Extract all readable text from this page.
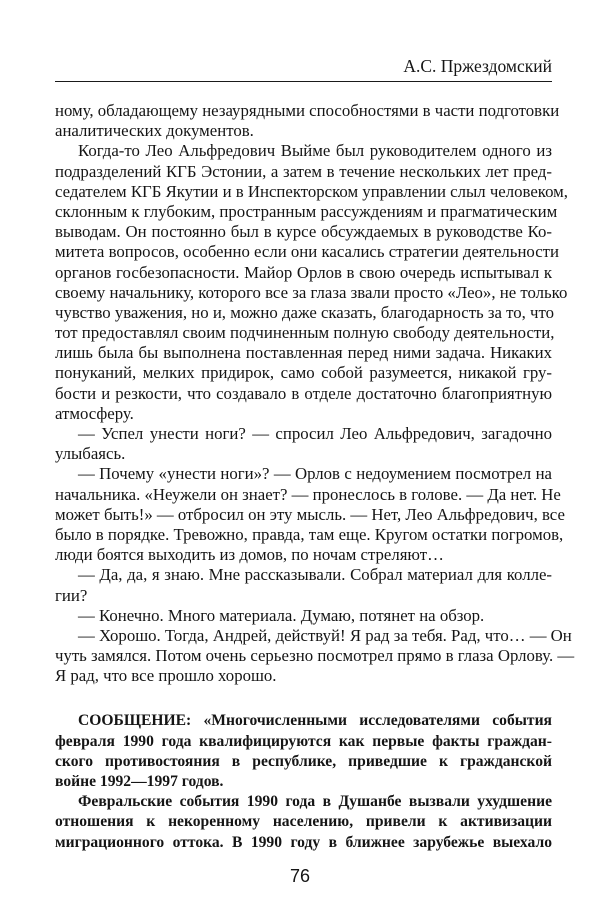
А.С. Пржездомский
ному, обладающему незаурядными способностями в части подготовки
аналитических документов.
Когда-то Лео Альфредович Выйме был руководителем одного из
подразделений КГБ Эстонии, а затем в течение нескольких лет пред-
седателем КГБ Якутии и в Инспекторском управлении слыл человеком,
склонным к глубоким, пространным рассуждениям и прагматическим
выводам. Он постоянно был в курсе обсуждаемых в руководстве Ко-
митета вопросов, особенно если они касались стратегии деятельности
органов госбезопасности. Майор Орлов в свою очередь испытывал к
своему начальнику, которого все за глаза звали просто «Лео», не только
чувство уважения, но и, можно даже сказать, благодарность за то, что
тот предоставлял своим подчиненным полную свободу деятельности,
лишь была бы выполнена поставленная перед ними задача. Никаких
понуканий, мелких придирок, само собой разумеется, никакой гру-
бости и резкости, что создавало в отделе достаточно благоприятную
атмосферу.
— Успел унести ноги? — спросил Лео Альфредович, загадочно
улыбаясь.
— Почему «унести ноги»? — Орлов с недоумением посмотрел на
начальника. «Неужели он знает? — пронеслось в голове. — Да нет. Не
может быть!» — отбросил он эту мысль. — Нет, Лео Альфредович, все
было в порядке. Тревожно, правда, там еще. Кругом остатки погромов,
люди боятся выходить из домов, по ночам стреляют…
— Да, да, я знаю. Мне рассказывали. Собрал материал для колле-
гии?
— Конечно. Много материала. Думаю, потянет на обзор.
— Хорошо. Тогда, Андрей, действуй! Я рад за тебя. Рад, что… — Он
чуть замялся. Потом очень серьезно посмотрел прямо в глаза Орлову. —
Я рад, что все прошло хорошо.
СООБЩЕНИЕ: «Многочисленными исследователями события
февраля 1990 года квалифицируются как первые факты граждан-
ского противостояния в республике, приведшие к гражданской
войне 1992—1997 годов.
Февральские события 1990 года в Душанбе вызвали ухудшение
отношения к некоренному населению, привели к активизации
миграционного оттока. В 1990 году в ближнее зарубежье выехало
76
